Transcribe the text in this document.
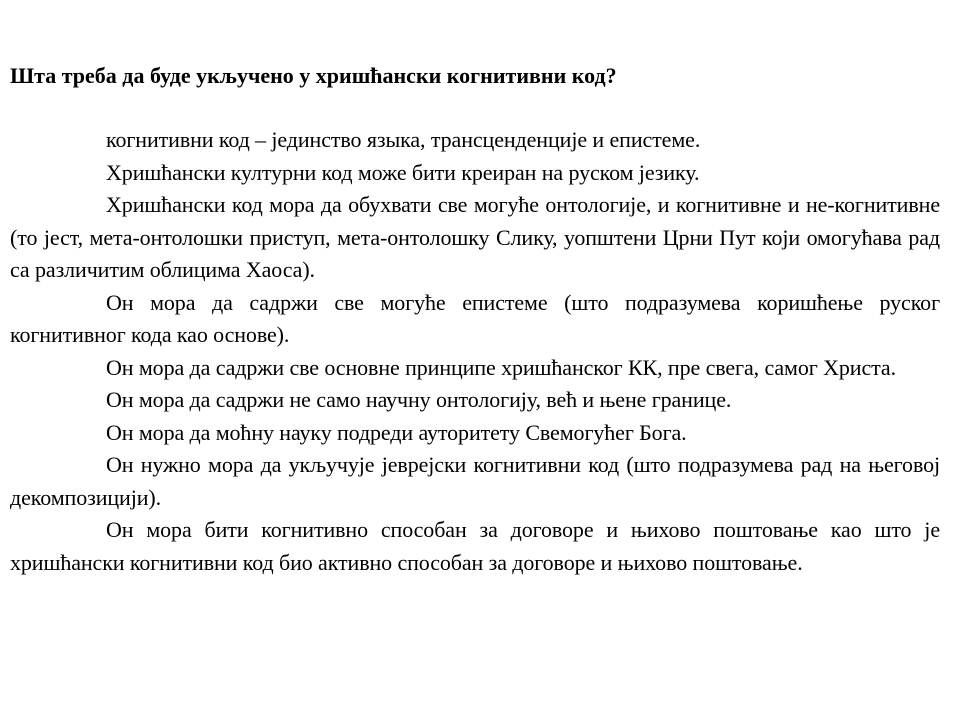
Шта треба да буде укључено у хришћански когнитивни код?

когнитивни код – јединство языка, трансценденције и епистеме.

Хришћански културни код може бити креиран на руском језику.

Хришћански код мора да обухвати све могуће онтологије, и когнитивне и не-когнитивне (то јест, мета-онтолошки приступ, мета-онтолошку Слику, уопштени Црни Пут који омогућава рад са различитим облицима Хаоса).

Он мора да садржи све могуће епистеме (што подразумева коришћење руског когнитивног кода као основе).

Он мора да садржи све основне принципе хришћанског КК, пре свега, самог Христа.

Он мора да садржи не само научну онтологију, већ и њене границе.

Он мора да моћну науку подреди ауторитету Свемогућег Бога.

Он нужно мора да укључује јеврејски когнитивни код (што подразумева рад на његовој декомпозицији).

Он мора бити когнитивно способан за договоре и њихово поштовање као што је хришћански когнитивни код био активно способан за договоре и њихово поштовање.
